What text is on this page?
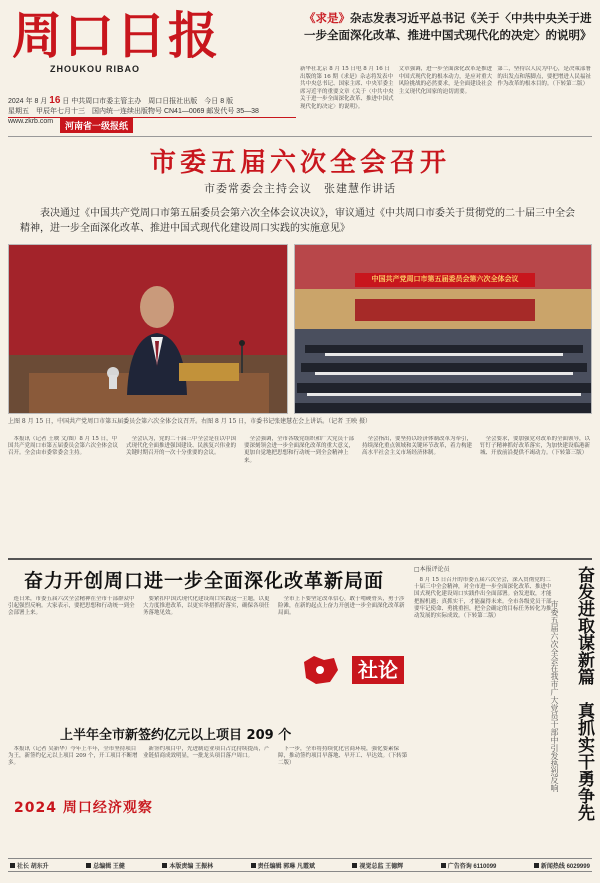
周口日报
ZHOUKOU RIBAO
《求是》杂志发表习近平总书记《关于〈中共中央关于进一步全面深化改革、推进中国式现代化的决定〉的说明》
新华社北京 8 月 15 日电 8 月 16 日出版的第 16 期《求是》杂志将发表中共中央总书记、国家主席、中央军委主席习近平的重要文章《关于〈中共中央关于进一步全面深化改革、推进中国式现代化的决定〉的说明》。
文章强调，进一步全面深化改革是推进中国式现代化的根本动力，是应对重大风险挑战的必然要求，是全面建设社会主义现代化国家的迫切需要。
第二，坚持以人民为中心，是决策部署的出发点和落脚点，要把增进人民福祉作为改革的根本目的。（下转第二版）
2024 年 8 月 16 日 中共周口市委主管主办　周口日报社出版　今日 8 版
星期五　甲辰年七月十三　国内统一连续出版物号 CN41—0069 邮发代号 35—38　www.zkrb.com	河南省一级报纸
市委五届六次全会召开
市委常委会主持会议　张建慧作讲话
表决通过《中国共产党周口市第五届委员会第六次全体会议决议》，审议通过《中共周口市委关于贯彻党的二十届三中全会精神，进一步全面深化改革、推进中国式现代化建设周口实践的实施意见》
中国共产党周口市第五届委员会第六次全体会议
上图 8 月 15 日，中国共产党周口市第五届委员会第六次全体会议召开。右图 8 月 15 日，市委书记张建慧在会上讲话。（记者 王映 摄）
本报讯（记者 王映 文/图）8 月 15 日，中国共产党周口市第五届委员会第六次全体会议召开。全会由市委常委会主持。
全会认为，党的二十届三中全会是在以中国式现代化全面推进强国建设、民族复兴伟业的关键时期召开的一次十分重要的会议。
全会强调，全市各级党组织和广大党员干部要深刻领会进一步全面深化改革的重大意义，更加自觉地把思想和行动统一到全会精神上来。
全会指出，要坚持以经济体制改革为牵引，持续深化重点领域和关键环节改革，着力构建高水平社会主义市场经济体制。
全会要求，要加强党对改革的全面领导，以钉钉子精神抓好改革落实，为加快建设临港新城、开放前沿提供不竭动力。（下转第三版）
奋力开创周口进一步全面深化改革新局面
连日来，市委五届六次全会精神在全市干部群众中引起强烈反响。大家表示，要把思想和行动统一到全会部署上来。
要紧扣中国式现代化建设周口实践这一主题，以更大力度推进改革，以更实举措抓好落实，确保各项任务落地见效。
全市上下要坚定改革信心，敢于啃硬骨头，勇于涉险滩，在新的起点上奋力开创进一步全面深化改革新局面。
社论
□本报评论员
8 月 15 日召开的市委五届六次全会，深入贯彻党的二十届三中全会精神，对全市进一步全面深化改革、推进中国式现代化建设周口实践作出全面部署。奋发进取，才能把握机遇；真抓实干，才能赢得未来。全市各级党员干部要牢记使命、勇挑重担，把全会确定的目标任务转化为推动发展的实际成效。（下转第二版）	市委五届六次全会在我市广大党员干部中引发热烈反响 奋发进取谋新篇　真抓实干勇争先
上半年全市新签约亿元以上项目 209 个
本报讯（记者 吴新华）今年上半年，全市坚持项目为王，新签约亿元以上项目 209 个，开工项目不断增多。
新签约项目中，先进制造业项目占比持续提高，产业链招商成效明显，一批龙头项目落户周口。
下一步，全市将持续优化营商环境，强化要素保障，推动签约项目早落地、早开工、早达效。（下转第二版）
2024 周口经济观察
社长 胡东升	总编辑 王健	本版责编 王振林	责任编辑 郭琳 凡霞斌	视觉总监 王德辉	广告咨询 6110099	新闻热线 6029999
